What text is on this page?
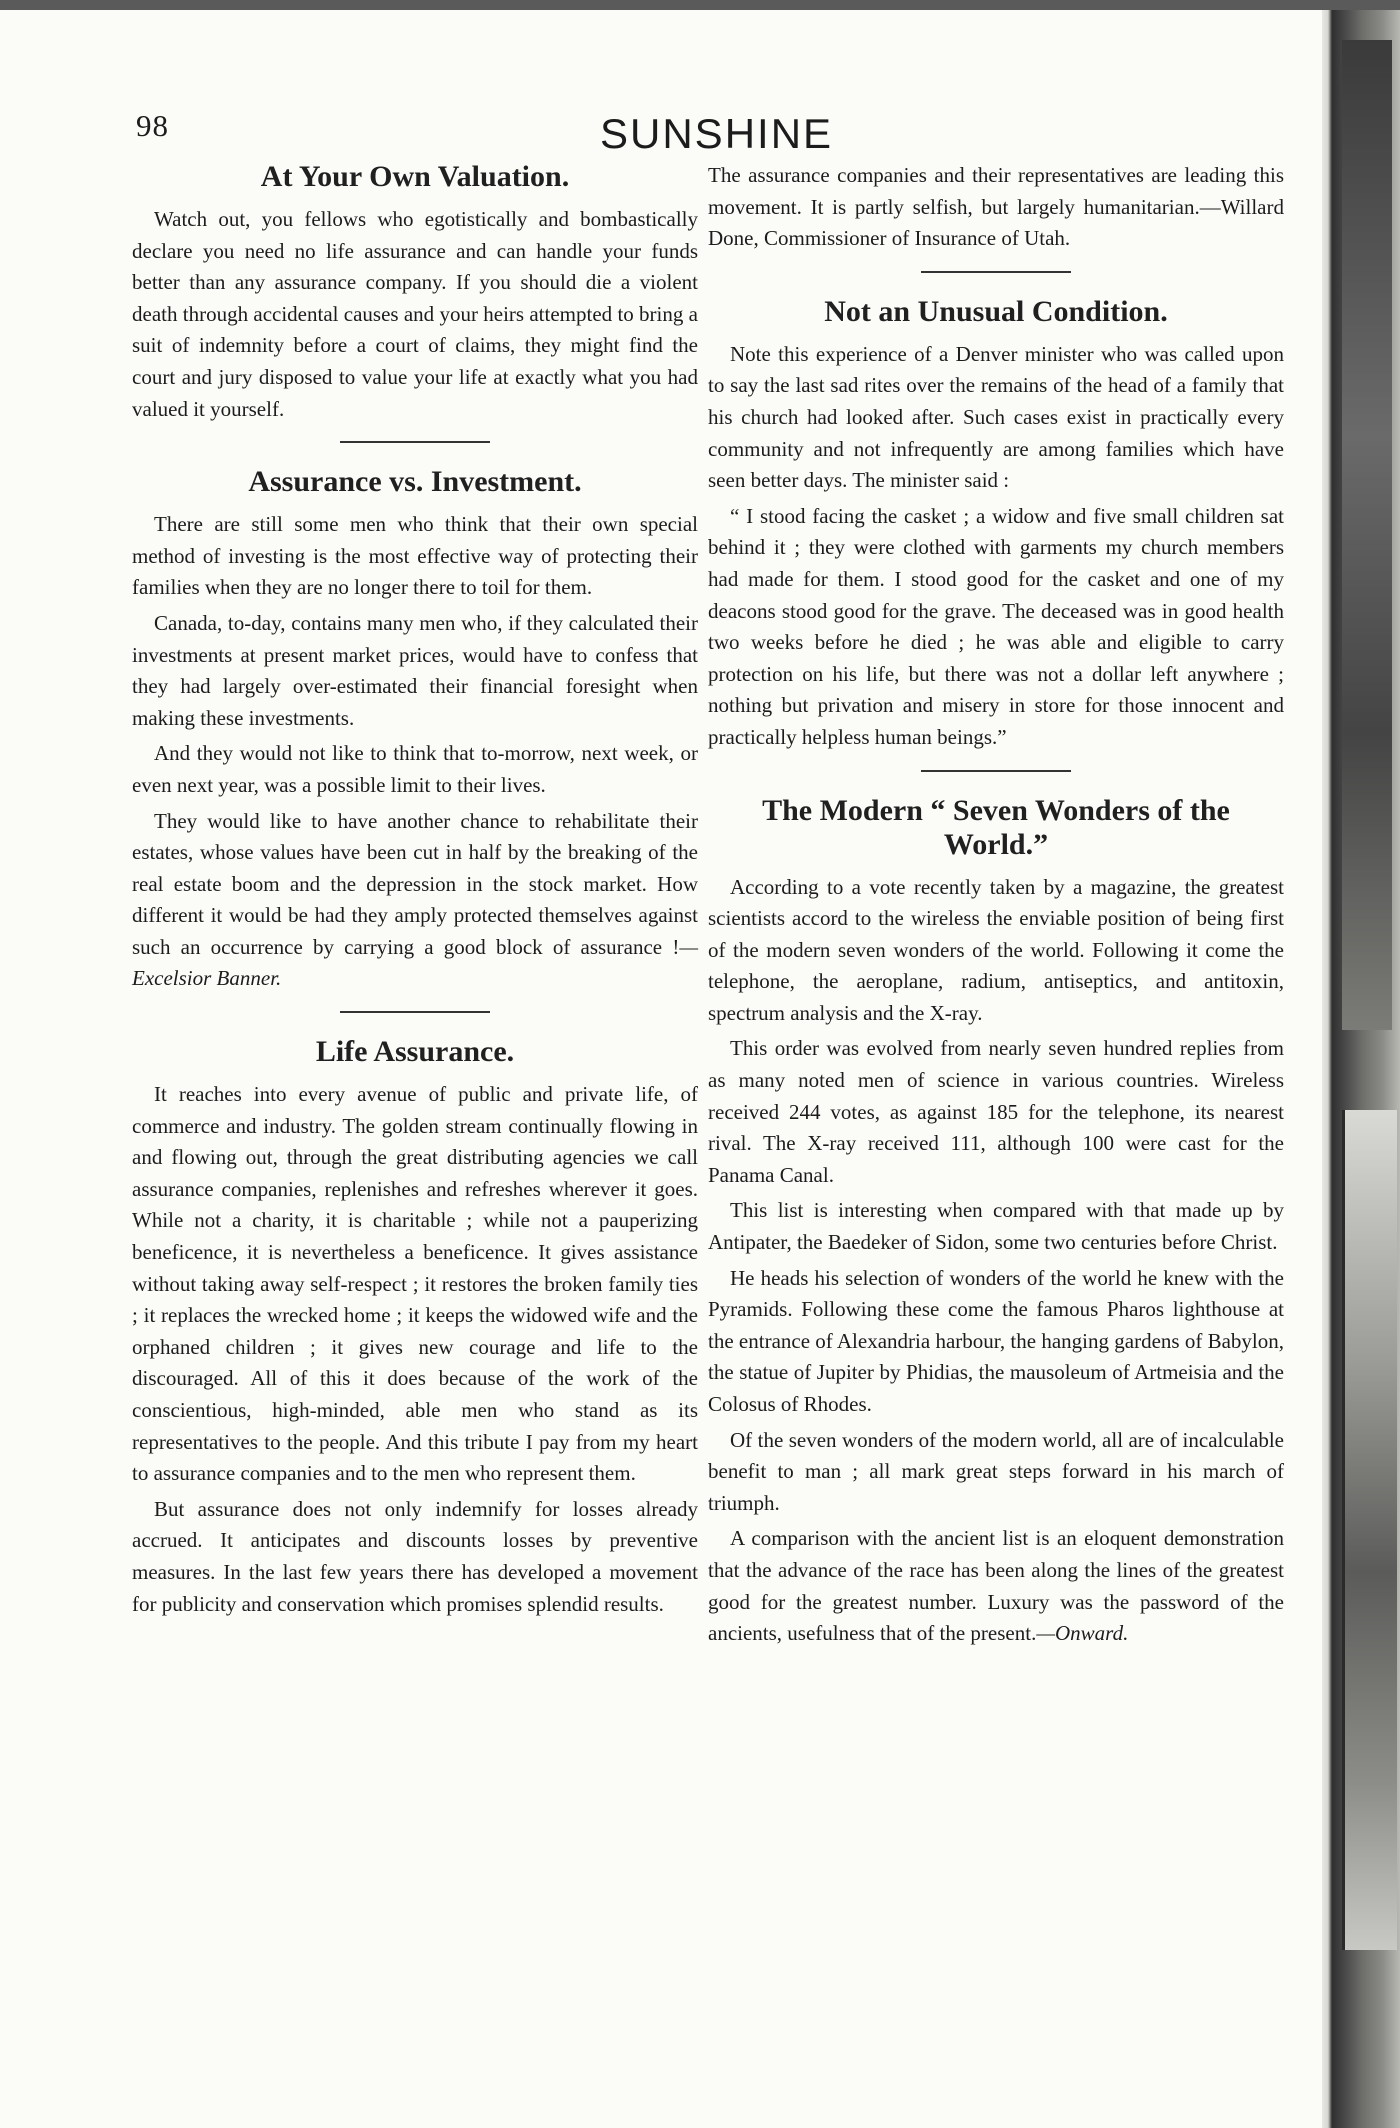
98	SUNSHINE
At Your Own Valuation.

Watch out, you fellows who egotistically and bombastically declare you need no life assurance and can handle your funds better than any assurance company. If you should die a violent death through accidental causes and your heirs attempted to bring a suit of indemnity before a court of claims, they might find the court and jury disposed to value your life at exactly what you had valued it yourself.

Assurance vs. Investment.

There are still some men who think that their own special method of investing is the most effective way of protecting their families when they are no longer there to toil for them.

Canada, to-day, contains many men who, if they calculated their investments at present market prices, would have to confess that they had largely over-estimated their financial foresight when making these investments.

And they would not like to think that to-morrow, next week, or even next year, was a possible limit to their lives.

They would like to have another chance to rehabilitate their estates, whose values have been cut in half by the breaking of the real estate boom and the depression in the stock market. How different it would be had they amply protected themselves against such an occurrence by carrying a good block of assurance !—Excelsior Banner.

Life Assurance.

It reaches into every avenue of public and private life, of commerce and industry. The golden stream continually flowing in and flowing out, through the great distributing agencies we call assurance companies, replenishes and refreshes wherever it goes. While not a charity, it is charitable ; while not a pauperizing beneficence, it is nevertheless a beneficence. It gives assistance without taking away self-respect ; it restores the broken family ties ; it replaces the wrecked home ; it keeps the widowed wife and the orphaned children ; it gives new courage and life to the discouraged. All of this it does because of the work of the conscientious, high-minded, able men who stand as its representatives to the people. And this tribute I pay from my heart to assurance companies and to the men who represent them.

But assurance does not only indemnify for losses already accrued. It anticipates and discounts losses by preventive measures. In the last few years there has developed a movement for publicity and conservation which promises splendid results.

The assurance companies and their representatives are leading this movement. It is partly selfish, but largely humanitarian.—Willard Done, Commissioner of Insurance of Utah.

Not an Unusual Condition.

Note this experience of a Denver minister who was called upon to say the last sad rites over the remains of the head of a family that his church had looked after. Such cases exist in practically every community and not infrequently are among families which have seen better days. The minister said :

“ I stood facing the casket ; a widow and five small children sat behind it ; they were clothed with garments my church members had made for them. I stood good for the casket and one of my deacons stood good for the grave. The deceased was in good health two weeks before he died ; he was able and eligible to carry protection on his life, but there was not a dollar left anywhere ; nothing but privation and misery in store for those innocent and practically helpless human beings.”

The Modern “ Seven Wonders of the World.”

According to a vote recently taken by a magazine, the greatest scientists accord to the wireless the enviable position of being first of the modern seven wonders of the world. Following it come the telephone, the aeroplane, radium, antiseptics, and antitoxin, spectrum analysis and the X-ray.

This order was evolved from nearly seven hundred replies from as many noted men of science in various countries. Wireless received 244 votes, as against 185 for the telephone, its nearest rival. The X-ray received 111, although 100 were cast for the Panama Canal.

This list is interesting when compared with that made up by Antipater, the Baedeker of Sidon, some two centuries before Christ.

He heads his selection of wonders of the world he knew with the Pyramids. Following these come the famous Pharos lighthouse at the entrance of Alexandria harbour, the hanging gardens of Babylon, the statue of Jupiter by Phidias, the mausoleum of Artmeisia and the Colosus of Rhodes.

Of the seven wonders of the modern world, all are of incalculable benefit to man ; all mark great steps forward in his march of triumph.

A comparison with the ancient list is an eloquent demonstration that the advance of the race has been along the lines of the greatest good for the greatest number. Luxury was the password of the ancients, usefulness that of the present.—Onward.
